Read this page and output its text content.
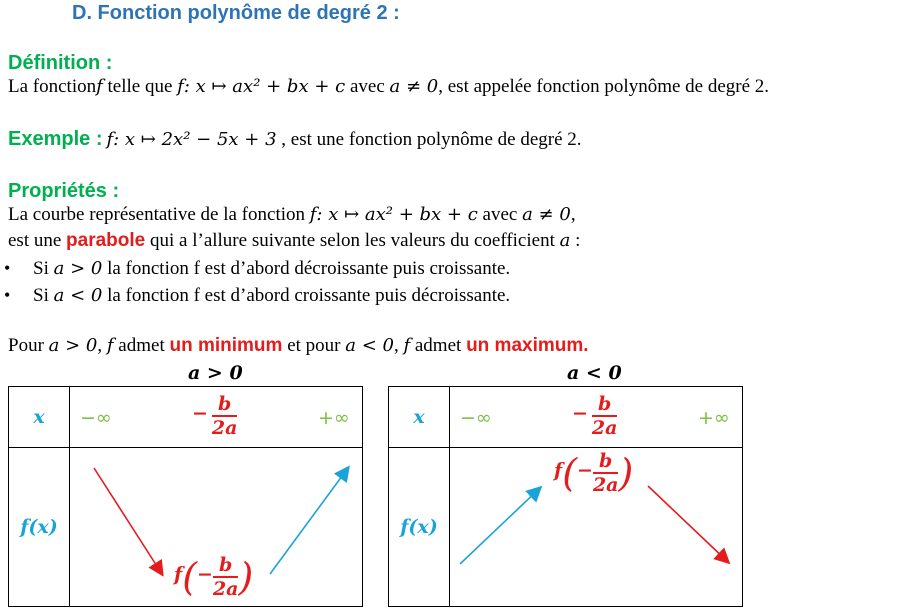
D. Fonction polynôme de degré 2 :
Définition :
La fonctionf telle que f: x ↦ ax² + bx + c avec a ≠ 0, est appelée fonction polynôme de degré 2.
Exemple : f: x ↦ 2x² − 5x + 3 , est une fonction polynôme de degré 2.
Propriétés :
La courbe représentative de la fonction f: x ↦ ax² + bx + c avec a ≠ 0,
est une parabole qui a l’allure suivante selon les valeurs du coefficient a :
• Si a > 0 la fonction f est d’abord décroissante puis croissante.
• Si a < 0 la fonction f est d’abord croissante puis décroissante.
Pour a > 0, f admet un minimum et pour a < 0, f admet un maximum.
a > 0	a < 0
x	−∞ − $\frac{b}{2a}$ +∞

f(x)	$f(- \frac{b}{2a}$ )
x	−∞ − $\frac{b}{2a}$ +∞

f(x)	$f(- \frac{b}{2a}$ )
